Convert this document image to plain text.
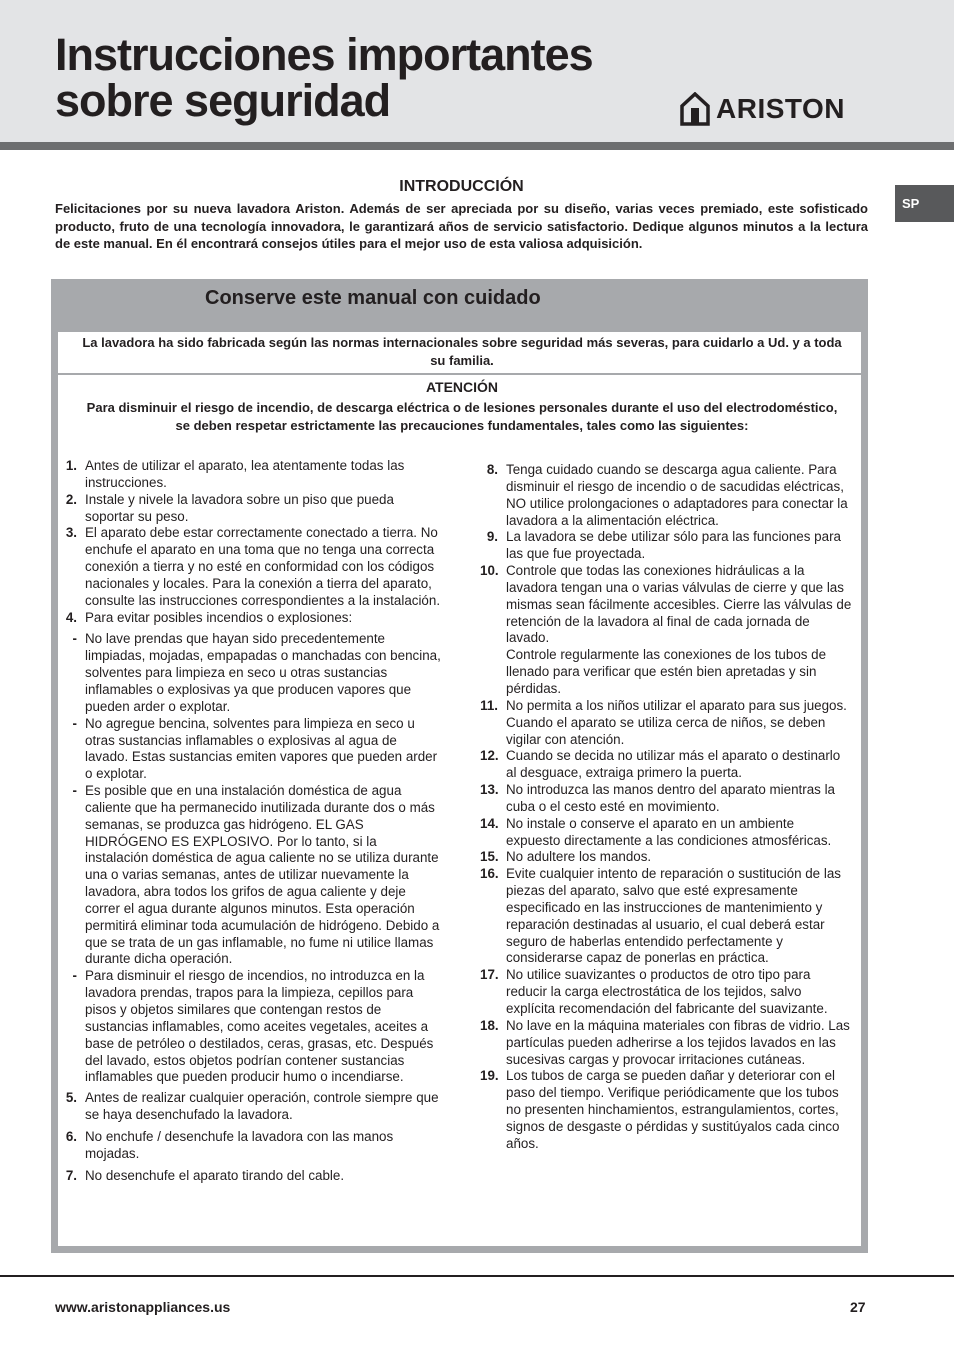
Instrucciones importantes
sobre seguridad	ARISTON
SP
INTRODUCCIÓN

Felicitaciones por su nueva lavadora Ariston. Además de ser apreciada por su diseño, varias veces premiado, este sofisticado producto, fruto de una tecnología innovadora, le garantizará años de servicio satisfactorio. Dedique algunos minutos a la lectura de este manual. En él encontrará consejos útiles para el mejor uso de esta valiosa adquisición.

Conserve este manual con cuidado

La lavadora ha sido fabricada según las normas internacionales sobre seguridad más severas, para cuidarlo a Ud. y a toda su familia.

ATENCIÓN

Para disminuir el riesgo de incendio, de descarga eléctrica o de lesiones personales durante el uso del electrodoméstico, se deben respetar estrictamente las precauciones fundamentales, tales como las siguientes:

1. Antes de utilizar el aparato, lea atentamente todas las instrucciones.
2. Instale y nivele la lavadora sobre un piso que pueda soportar su peso.
3. El aparato debe estar correctamente conectado a tierra. No enchufe el aparato en una toma que no tenga una correcta conexión a tierra y no esté en conformidad con los códigos nacionales y locales. Para la conexión a tierra del aparato, consulte las instrucciones correspondientes a la instalación.
4. Para evitar posibles incendios o explosiones:
- No lave prendas que hayan sido precedentemente limpiadas, mojadas, empapadas o manchadas con bencina, solventes para limpieza en seco u otras sustancias inflamables o explosivas ya que producen vapores que pueden arder o explotar.
- No agregue bencina, solventes para limpieza en seco u otras sustancias inflamables o explosivas al agua de lavado. Estas sustancias emiten vapores que pueden arder o explotar.
- Es posible que en una instalación doméstica de agua caliente que ha permanecido inutilizada durante dos o más semanas, se produzca gas hidrógeno. EL GAS HIDRÓGENO ES EXPLOSIVO. Por lo tanto, si la instalación doméstica de agua caliente no se utiliza durante una o varias semanas, antes de utilizar nuevamente la lavadora, abra todos los grifos de agua caliente y deje correr el agua durante algunos minutos. Esta operación permitirá eliminar toda acumulación de hidrógeno. Debido a que se trata de un gas inflamable, no fume ni utilice llamas durante dicha operación.
- Para disminuir el riesgo de incendios, no introduzca en la lavadora prendas, trapos para la limpieza, cepillos para pisos y objetos similares que contengan restos de sustancias inflamables, como aceites vegetales, aceites a base de petróleo o destilados, ceras, grasas, etc. Después del lavado, estos objetos podrían contener sustancias inflamables que pueden producir humo o incendiarse.
5. Antes de realizar cualquier operación, controle siempre que se haya desenchufado la lavadora.
6. No enchufe / desenchufe la lavadora con las manos mojadas.
7. No desenchufe el aparato tirando del cable.
8. Tenga cuidado cuando se descarga agua caliente. Para disminuir el riesgo de incendio o de sacudidas eléctricas, NO utilice prolongaciones o adaptadores para conectar la lavadora a la alimentación eléctrica.
9. La lavadora se debe utilizar sólo para las funciones para las que fue proyectada.
10. Controle que todas las conexiones hidráulicas a la lavadora tengan una o varias válvulas de cierre y que las mismas sean fácilmente accesibles. Cierre las válvulas de retención de la lavadora al final de cada jornada de lavado.
Controle regularmente las conexiones de los tubos de llenado para verificar que estén bien apretadas y sin pérdidas.
11. No permita a los niños utilizar el aparato para sus juegos. Cuando el aparato se utiliza cerca de niños, se deben vigilar con atención.
12. Cuando se decida no utilizar más el aparato o destinarlo al desguace, extraiga primero la puerta.
13. No introduzca las manos dentro del aparato mientras la cuba o el cesto esté en movimiento.
14. No instale o conserve el aparato en un ambiente expuesto directamente a las condiciones atmosféricas.
15. No adultere los mandos.
16. Evite cualquier intento de reparación o sustitución de las piezas del aparato, salvo que esté expresamente especificado en las instrucciones de mantenimiento y reparación destinadas al usuario, el cual deberá estar seguro de haberlas entendido perfectamente y considerarse capaz de ponerlas en práctica.
17. No utilice suavizantes o productos de otro tipo para reducir la carga electrostática de los tejidos, salvo explícita recomendación del fabricante del suavizante.
18. No lave en la máquina materiales con fibras de vidrio. Las partículas pueden adherirse a los tejidos lavados en las sucesivas cargas y provocar irritaciones cutáneas.
19. Los tubos de carga se pueden dañar y deteriorar con el paso del tiempo. Verifique periódicamente que los tubos no presenten hinchamientos, estrangulamientos, cortes, signos de desgaste o pérdidas y sustitúyalos cada cinco años.

www.aristonappliances.us	27
